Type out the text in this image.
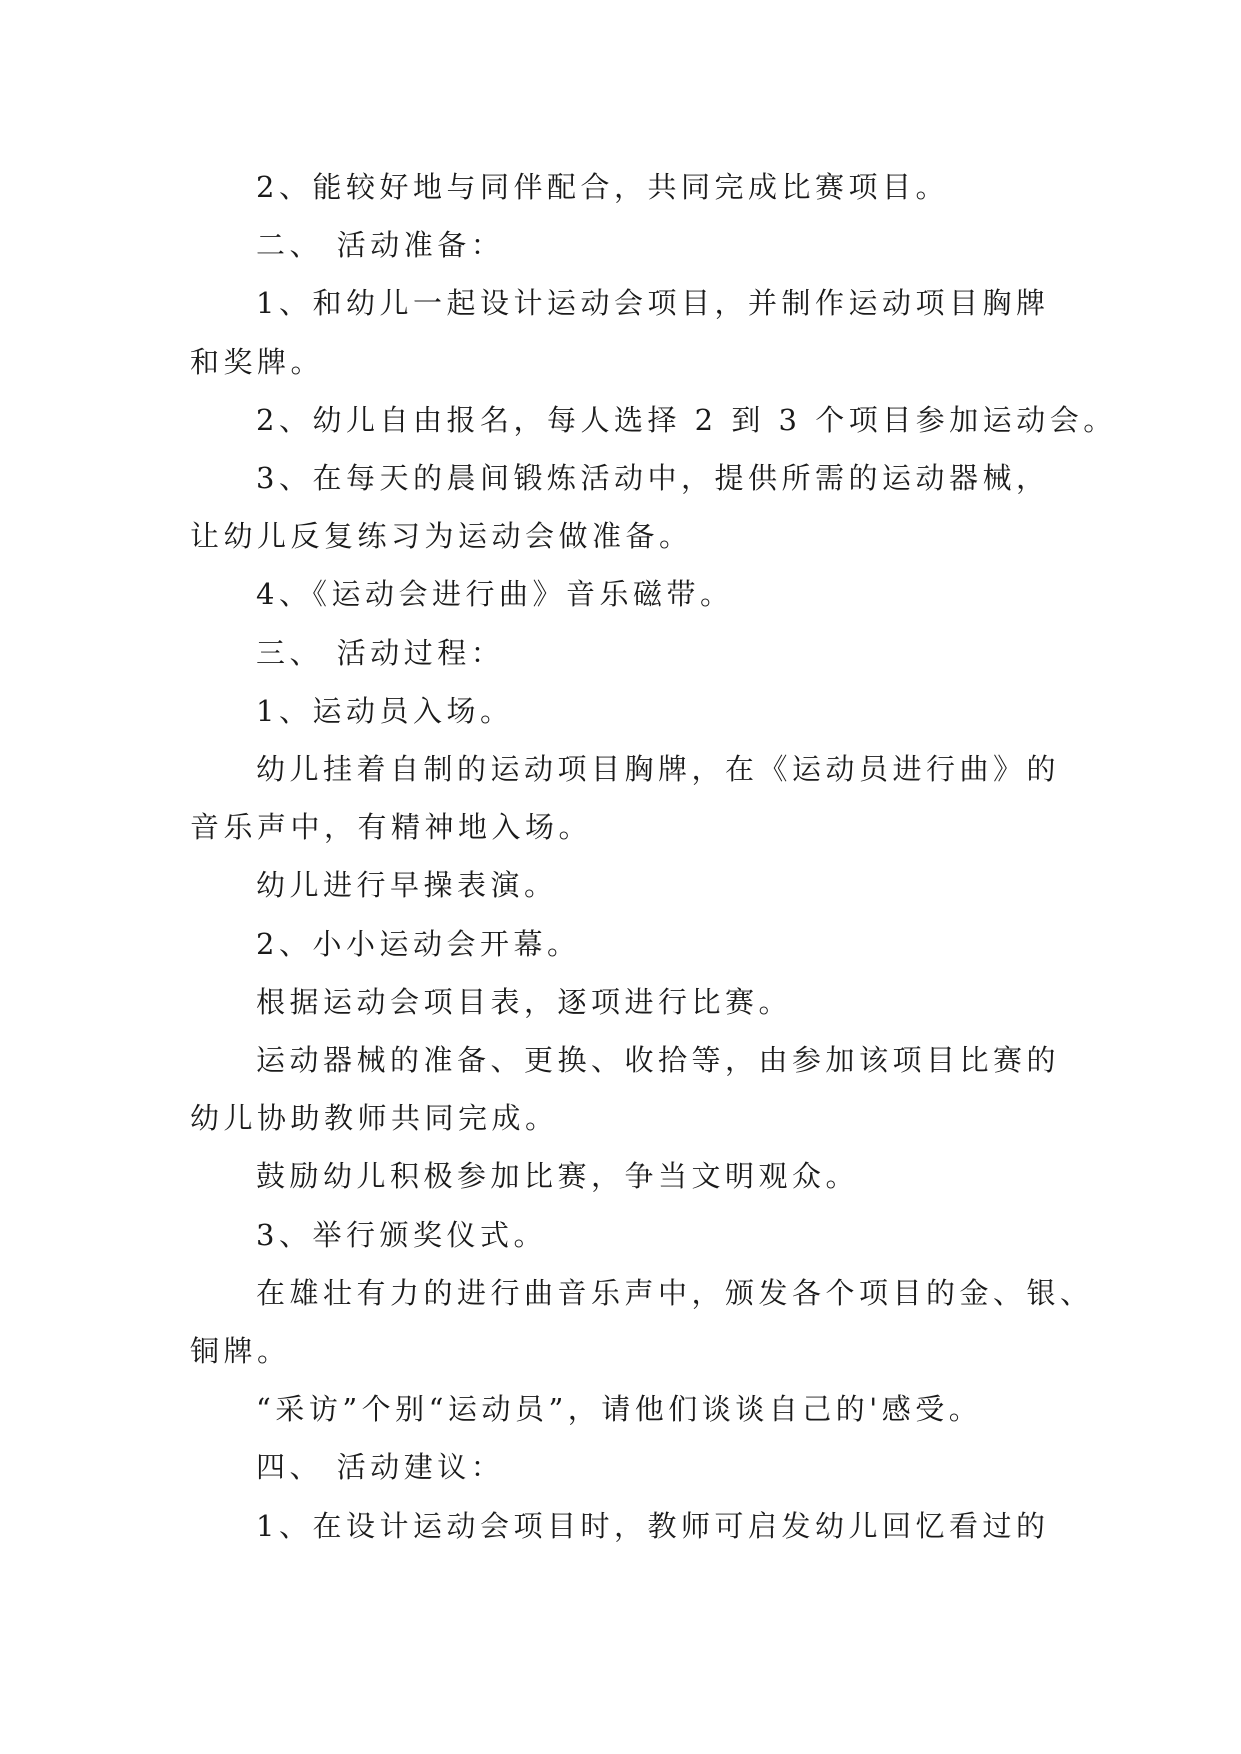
2、能较好地与同伴配合，共同完成比赛项目。

二、 活动准备：

1、和幼儿一起设计运动会项目，并制作运动项目胸牌

和奖牌。

2、幼儿自由报名，每人选择 2 到 3 个项目参加运动会。

3、在每天的晨间锻炼活动中，提供所需的运动器械，

让幼儿反复练习为运动会做准备。

4、《运动会进行曲》音乐磁带。

三、 活动过程：

1、运动员入场。

幼儿挂着自制的运动项目胸牌，在《运动员进行曲》的

音乐声中，有精神地入场。

幼儿进行早操表演。

2、小小运动会开幕。

根据运动会项目表，逐项进行比赛。

运动器械的准备、更换、收拾等，由参加该项目比赛的

幼儿协助教师共同完成。

鼓励幼儿积极参加比赛，争当文明观众。

3、举行颁奖仪式。

在雄壮有力的进行曲音乐声中，颁发各个项目的金、银、

铜牌。

“采访”个别“运动员”，请他们谈谈自己的'感受。

四、 活动建议：

1、在设计运动会项目时，教师可启发幼儿回忆看过的
